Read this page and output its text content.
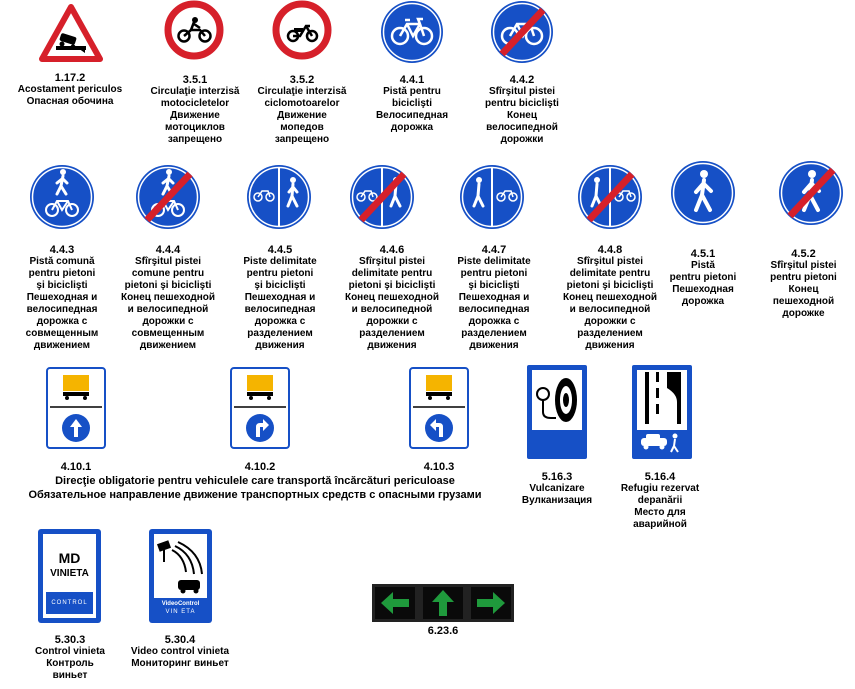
1.17.2
Acostament periculos
Опасная обочина
3.5.1
Circulaţie interzisă
motocicletelor
Движение
мотоциклов
запрещено
3.5.2
Circulaţie interzisă
ciclomotoarelor
Движение
мопедов
запрещено
4.4.1
Pistă pentru
biciclişti
Велосипедная
дорожка
4.4.2
Sfîrşitul pistei
pentru biciclişti
Конец
велосипедной
дорожки
4.4.3
Pistă comună
pentru pietoni
şi biciclişti
Пешеходная и
велосипедная
дорожка с
совмещенным
движением
4.4.4
Sfîrşitul pistei
comune pentru
pietoni şi biciclişti
Конец пешеходной
и велосипедной
дорожки с
совмещенным
движением
4.4.5
Piste delimitate
pentru pietoni
şi biciclişti
Пешеходная и
велосипедная
дорожка с
разделением
движения
4.4.6
Sfîrşitul pistei
delimitate pentru
pietoni şi biciclişti
Конец пешеходной
и велосипедной
дорожки с
разделением
движения
4.4.7
Piste delimitate
pentru pietoni
şi biciclişti
Пешеходная и
велосипедная
дорожка с
разделением
движения
4.4.8
Sfîrşitul pistei
delimitate pentru
pietoni şi biciclişti
Конец пешеходной
и велосипедной
дорожки с
разделением
движения
4.5.1
Pistă
pentru pietoni
Пешеходная
дорожка
4.5.2
Sfîrşitul pistei
pentru pietoni
Конец
пешеходной
дорожке
4.10.1	4.10.2	4.10.3
Direcţie obligatorie pentru vehiculele care transportă încărcături periculoase
Обязательное направление движение транспортных средств с опасными грузами
5.16.3
Vulcanizare
Вулканизация
5.16.4
Refugiu rezervat
depanării
Место для
аварийной
MD
VINIETA
CONTROL
5.30.3
Control vinieta
Контроль
виньет
VideoControl
VIN ETA
5.30.4
Video control vinieta
Мониторинг виньет
6.23.6
